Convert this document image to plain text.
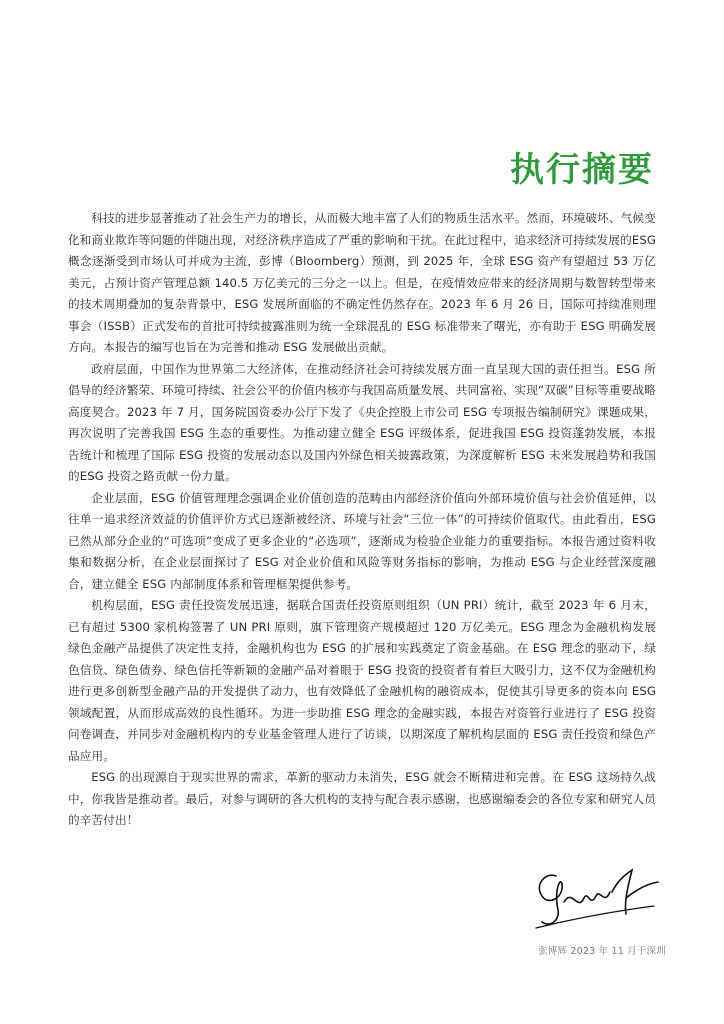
执行摘要

科技的进步显著推动了社会生产力的增长，从而极大地丰富了人们的物质生活水平。然而，环境破坏、气候变化和商业欺诈等问题的伴随出现，对经济秩序造成了严重的影响和干扰。在此过程中，追求经济可持续发展的ESG 概念逐渐受到市场认可并成为主流，彭博（Bloomberg）预测，到 2025 年，全球 ESG 资产有望超过 53 万亿美元，占预计资产管理总额 140.5 万亿美元的三分之一以上。但是，在疫情效应带来的经济周期与数智转型带来的技术周期叠加的复杂背景中，ESG 发展所面临的不确定性仍然存在。2023 年 6 月 26 日，国际可持续准则理事会（ISSB）正式发布的首批可持续披露准则为统一全球混乱的 ESG 标准带来了曙光，亦有助于 ESG 明确发展方向。本报告的编写也旨在为完善和推动 ESG 发展做出贡献。

政府层面，中国作为世界第二大经济体，在推动经济社会可持续发展方面一直呈现大国的责任担当。ESG 所倡导的经济繁荣、环境可持续、社会公平的价值内核亦与我国高质量发展、共同富裕、实现“双碳”目标等重要战略高度契合。2023 年 7 月，国务院国资委办公厅下发了《央企控股上市公司 ESG 专项报告编制研究》课题成果，再次说明了完善我国 ESG 生态的重要性。为推动建立健全 ESG 评级体系，促进我国 ESG 投资蓬勃发展，本报告统计和梳理了国际 ESG 投资的发展动态以及国内外绿色相关披露政策，为深度解析 ESG 未来发展趋势和我国的ESG 投资之路贡献一份力量。

企业层面，ESG 价值管理理念强调企业价值创造的范畴由内部经济价值向外部环境价值与社会价值延伸，以往单一追求经济效益的价值评价方式已逐渐被经济、环境与社会“三位一体”的可持续价值取代。由此看出，ESG 已然从部分企业的“可选项”变成了更多企业的“必选项”，逐渐成为检验企业能力的重要指标。本报告通过资料收集和数据分析，在企业层面探讨了 ESG 对企业价值和风险等财务指标的影响，为推动 ESG 与企业经营深度融合，建立健全 ESG 内部制度体系和管理框架提供参考。

机构层面，ESG 责任投资发展迅速，据联合国责任投资原则组织（UN PRI）统计，截至 2023 年 6 月末，已有超过 5300 家机构签署了 UN PRI 原则，旗下管理资产规模超过 120 万亿美元。ESG 理念为金融机构发展绿色金融产品提供了决定性支持，金融机构也为 ESG 的扩展和实践奠定了资金基础。在 ESG 理念的驱动下，绿色信贷、绿色债券、绿色信托等新颖的金融产品对着眼于 ESG 投资的投资者有着巨大吸引力，这不仅为金融机构进行更多创新型金融产品的开发提供了动力，也有效降低了金融机构的融资成本，促使其引导更多的资本向 ESG 领域配置，从而形成高效的良性循环。为进一步助推 ESG 理念的金融实践，本报告对资管行业进行了 ESG 投资问卷调查，并同步对金融机构内的专业基金管理人进行了访谈，以期深度了解机构层面的 ESG 责任投资和绿色产品应用。

ESG 的出现源自于现实世界的需求，革新的驱动力未消失，ESG 就会不断精进和完善。在 ESG 这场持久战中，你我皆是推动者。最后，对参与调研的各大机构的支持与配合表示感谢，也感谢编委会的各位专家和研究人员的辛苦付出！

张博辉 2023 年 11 月于深圳
